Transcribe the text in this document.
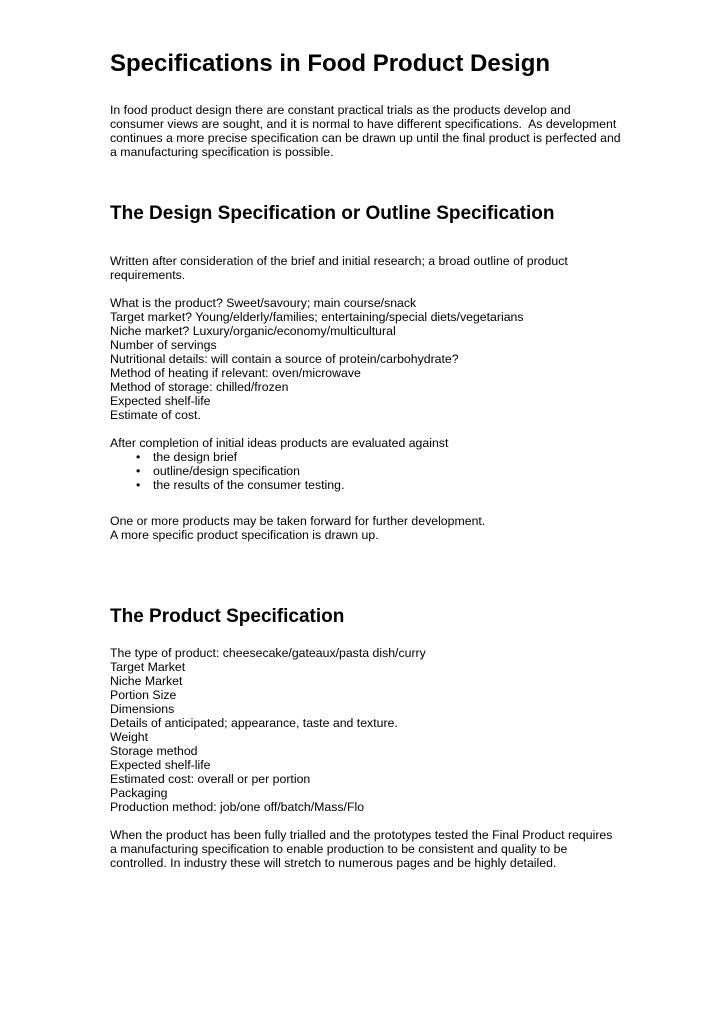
Specifications in Food Product Design
In food product design there are constant practical trials as the products develop and
consumer views are sought, and it is normal to have different specifications.  As development
continues a more precise specification can be drawn up until the final product is perfected and
a manufacturing specification is possible.
The Design Specification or Outline Specification
Written after consideration of the brief and initial research; a broad outline of product
requirements.
What is the product? Sweet/savoury; main course/snack
Target market? Young/elderly/families; entertaining/special diets/vegetarians
Niche market? Luxury/organic/economy/multicultural
Number of servings
Nutritional details: will contain a source of protein/carbohydrate?
Method of heating if relevant: oven/microwave
Method of storage: chilled/frozen
Expected shelf-life
Estimate of cost.
After completion of initial ideas products are evaluated against
• the design brief
• outline/design specification
• the results of the consumer testing.
One or more products may be taken forward for further development.
A more specific product specification is drawn up.
The Product Specification
The type of product: cheesecake/gateaux/pasta dish/curry
Target Market
Niche Market
Portion Size
Dimensions
Details of anticipated; appearance, taste and texture.
Weight
Storage method
Expected shelf-life
Estimated cost: overall or per portion
Packaging
Production method: job/one off/batch/Mass/Flo
When the product has been fully trialled and the prototypes tested the Final Product requires
a manufacturing specification to enable production to be consistent and quality to be
controlled. In industry these will stretch to numerous pages and be highly detailed.
